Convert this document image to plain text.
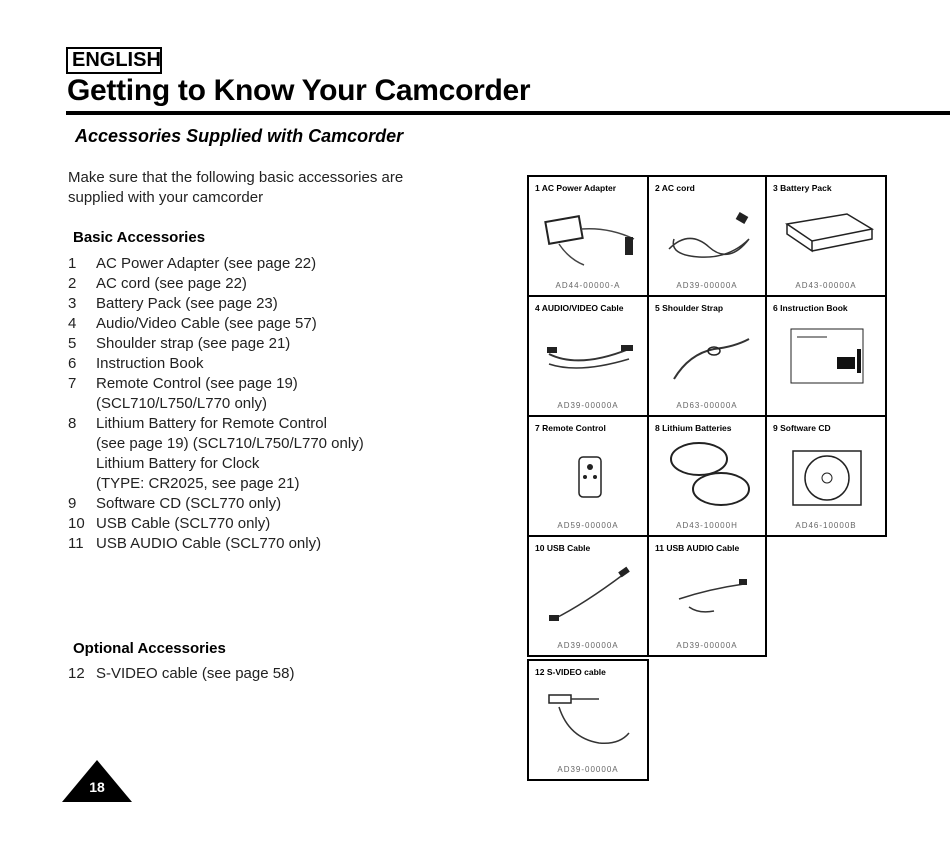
ENGLISH
Getting to Know Your Camcorder
Accessories Supplied with Camcorder
Make sure that the following basic accessories are
supplied with your camcorder
Basic Accessories
1	AC Power Adapter (see page 22)
2	AC cord (see page 22)
3	Battery Pack (see page 23)
4	Audio/Video Cable (see page 57)
5	Shoulder strap (see page 21)
6	Instruction Book
7	Remote Control (see page 19)
(SCL710/L750/L770 only)
8	Lithium Battery for Remote Control
(see page 19) (SCL710/L750/L770 only)
Lithium Battery for Clock
(TYPE: CR2025, see page 21)
9	Software CD (SCL770 only)
10 USB Cable (SCL770 only)
11 USB AUDIO Cable (SCL770 only)
Optional Accessories
12 S-VIDEO cable (see page 58)
18
1 AC Power Adapter
AD44-00000-A
2 AC cord
AD39-00000A
3 Battery Pack
AD43-00000A
4 AUDIO/VIDEO Cable
AD39-00000A
5 Shoulder Strap
AD63-00000A
6 Instruction Book
7 Remote Control
AD59-00000A
8 Lithium Batteries
AD43-10000H
9 Software CD
AD46-10000B
10 USB Cable
AD39-00000A
11 USB AUDIO Cable
AD39-00000A
12 S-VIDEO cable
AD39-00000A
